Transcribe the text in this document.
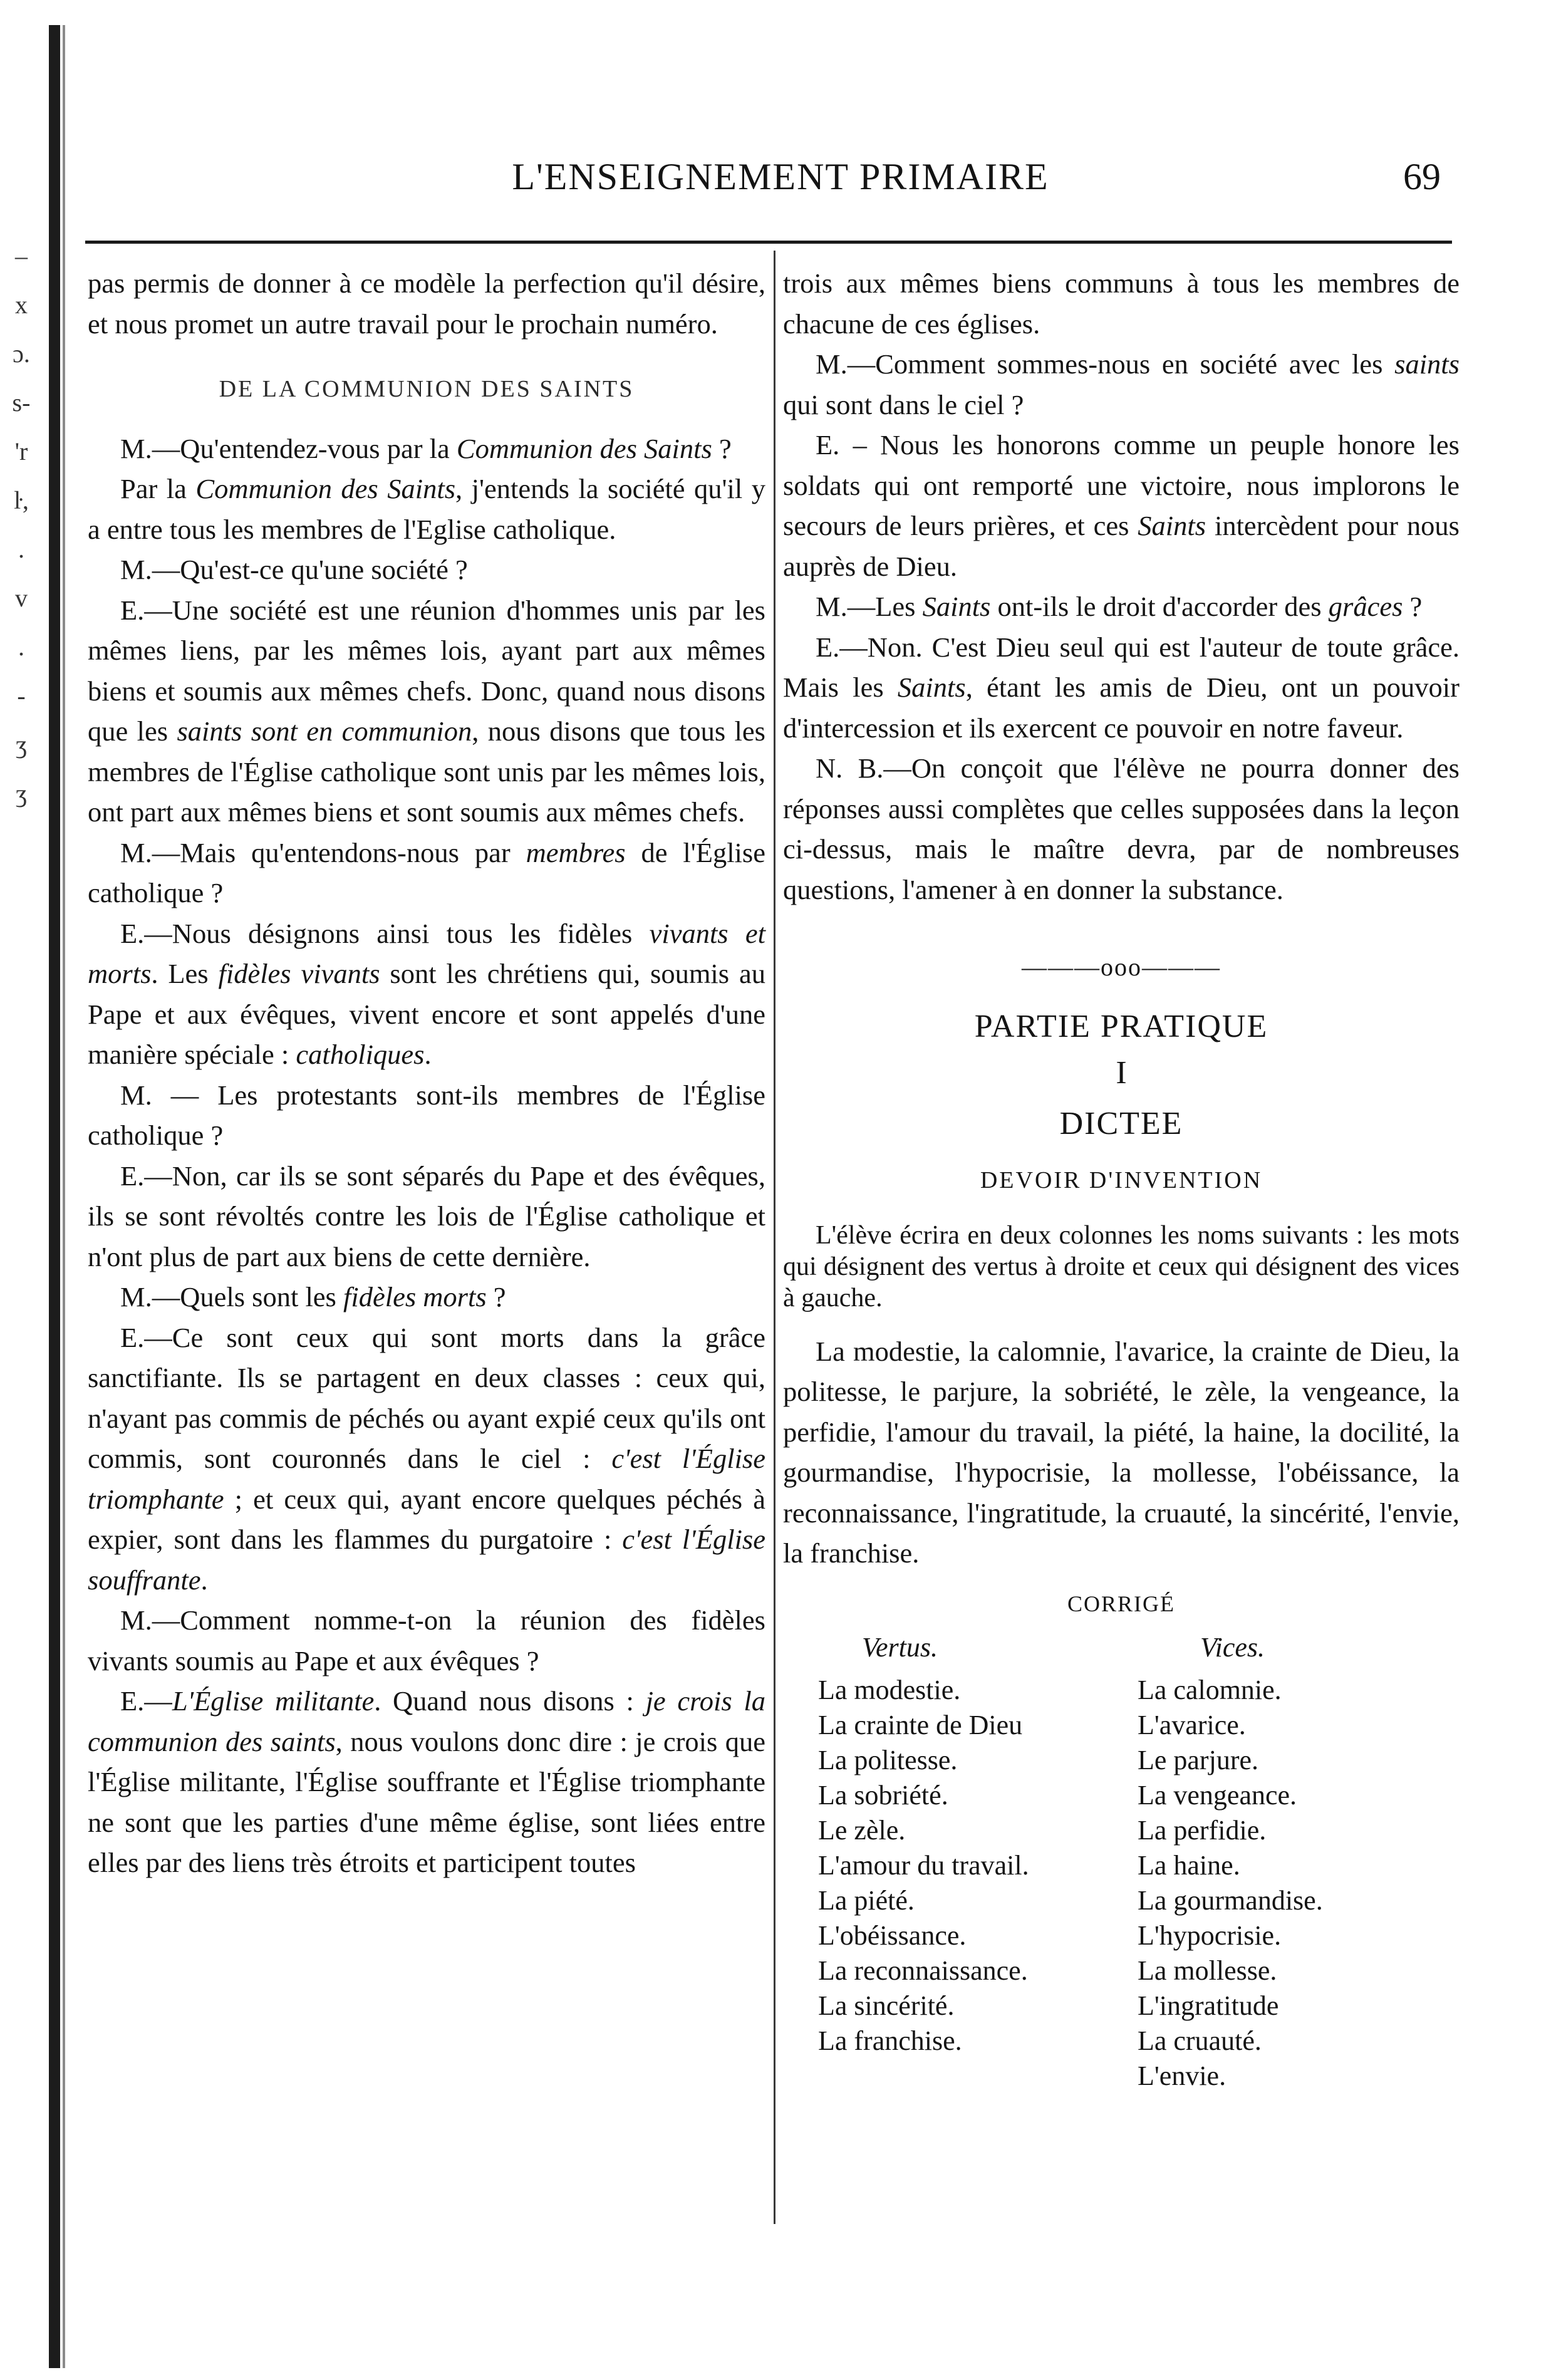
–
x
ɔ.
s-
'r
ŀ,
.
v
.
-
ʒ
ʒ
L'ENSEIGNEMENT PRIMAIRE	69

pas permis de donner à ce modèle la perfection qu'il désire, et nous promet un autre travail pour le prochain numéro.

DE LA COMMUNION DES SAINTS

M.—Qu'entendez-vous par la Communion des Saints ?

Par la Communion des Saints, j'entends la société qu'il y a entre tous les membres de l'Eglise catholique.

M.—Qu'est-ce qu'une société ?

E.—Une société est une réunion d'hommes unis par les mêmes liens, par les mêmes lois, ayant part aux mêmes biens et soumis aux mêmes chefs. Donc, quand nous disons que les saints sont en communion, nous disons que tous les membres de l'Église catholique sont unis par les mêmes lois, ont part aux mêmes biens et sont soumis aux mêmes chefs.

M.—Mais qu'entendons-nous par membres de l'Église catholique ?

E.—Nous désignons ainsi tous les fidèles vivants et morts. Les fidèles vivants sont les chrétiens qui, soumis au Pape et aux évêques, vivent encore et sont appelés d'une manière spéciale : catholiques.

M. — Les protestants sont-ils membres de l'Église catholique ?

E.—Non, car ils se sont séparés du Pape et des évêques, ils se sont révoltés contre les lois de l'Église catholique et n'ont plus de part aux biens de cette dernière.

M.—Quels sont les fidèles morts ?

E.—Ce sont ceux qui sont morts dans la grâce sanctifiante. Ils se partagent en deux classes : ceux qui, n'ayant pas commis de péchés ou ayant expié ceux qu'ils ont commis, sont couronnés dans le ciel : c'est l'Église triomphante ; et ceux qui, ayant encore quelques péchés à expier, sont dans les flammes du purgatoire : c'est l'Église souffrante.

M.—Comment nomme-t-on la réunion des fidèles vivants soumis au Pape et aux évêques ?

E.—L'Église militante. Quand nous disons : je crois la communion des saints, nous voulons donc dire : je crois que l'Église militante, l'Église souffrante et l'Église triomphante ne sont que les parties d'une même église, sont liées entre elles par des liens très étroits et participent toutes

trois aux mêmes biens communs à tous les membres de chacune de ces églises.

M.—Comment sommes-nous en société avec les saints qui sont dans le ciel ?

E. – Nous les honorons comme un peuple honore les soldats qui ont remporté une victoire, nous implorons le secours de leurs prières, et ces Saints intercèdent pour nous auprès de Dieu.

M.—Les Saints ont-ils le droit d'accorder des grâces ?

E.—Non. C'est Dieu seul qui est l'auteur de toute grâce. Mais les Saints, étant les amis de Dieu, ont un pouvoir d'intercession et ils exercent ce pouvoir en notre faveur.

N. B.—On conçoit que l'élève ne pourra donner des réponses aussi complètes que celles supposées dans la leçon ci-dessus, mais le maître devra, par de nombreuses questions, l'amener à en donner la substance.

———ooo———
PARTIE PRATIQUE
I
DICTEE
DEVOIR D'INVENTION

L'élève écrira en deux colonnes les noms suivants : les mots qui désignent des vertus à droite et ceux qui désignent des vices à gauche.

La modestie, la calomnie, l'avarice, la crainte de Dieu, la politesse, le parjure, la sobriété, le zèle, la vengeance, la perfidie, l'amour du travail, la piété, la haine, la docilité, la gourmandise, l'hypocrisie, la mollesse, l'obéissance, la reconnaissance, l'ingratitude, la cruauté, la sincérité, l'envie, la franchise.

CORRIGÉ
Vertus.
La modestie.
La crainte de Dieu
La politesse.
La sobriété.
Le zèle.
L'amour du travail.
La piété.
L'obéissance.
La reconnaissance.
La sincérité.
La franchise.
Vices.
La calomnie.
L'avarice.
Le parjure.
La vengeance.
La perfidie.
La haine.
La gourmandise.
L'hypocrisie.
La mollesse.
L'ingratitude
La cruauté.
L'envie.
